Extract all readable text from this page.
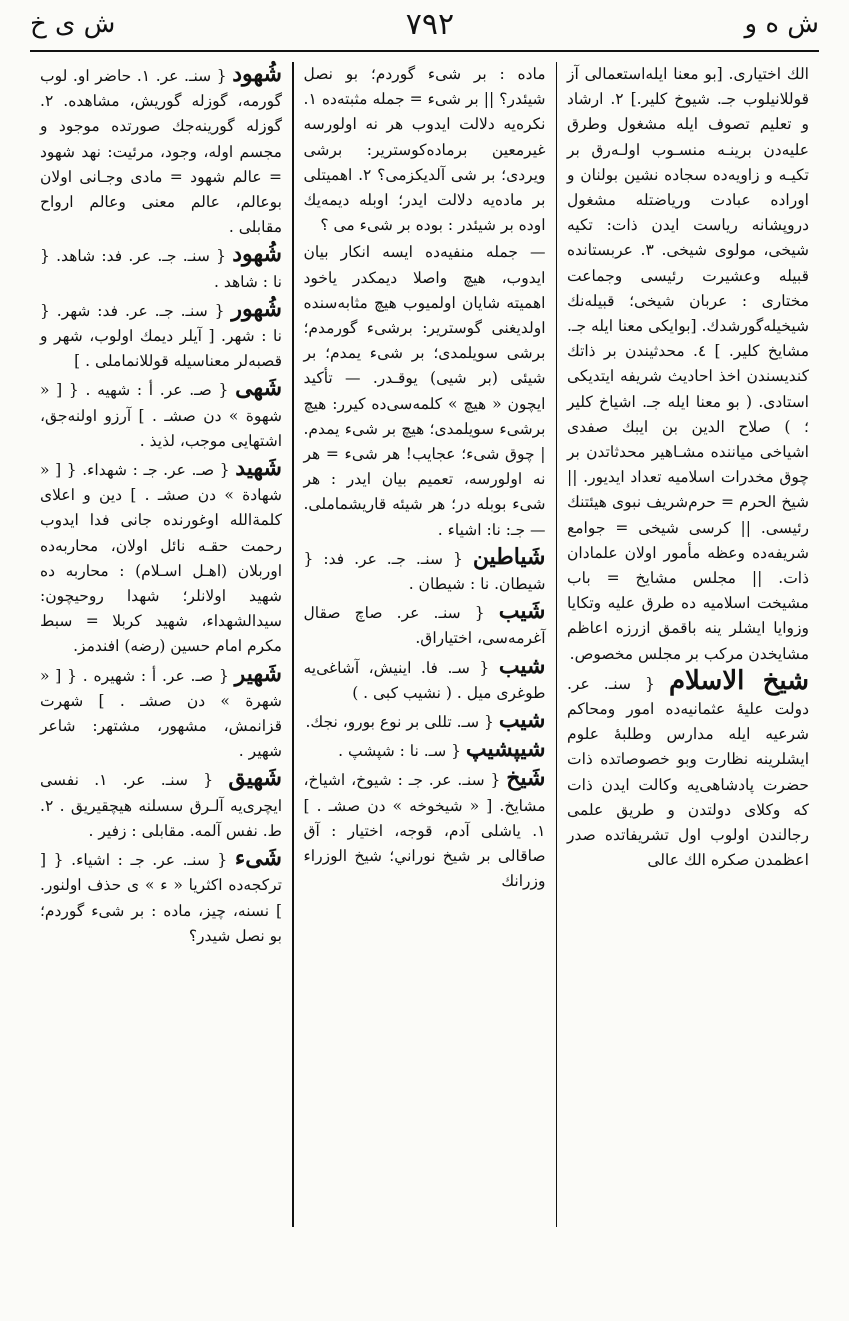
ش ی خ	۷۹۲	ش ه و

شُهود { سنـ. عر. ۱. حاضر او. لوب گورمه، گوزله گوریش، مشاهده. ۲. گوزله گورینه‌جك صورتده موجود و مجسم اوله، وجود، مرئيت: ‎نهد شهود = عالم شهود = مادی وجـانى اولان بوعالم، عالم معنى وعالم ارواح مقابلی .

شُهود { سنـ. جـ. عر. فد: شاهد. {‏ نا : شاهد .

شُهور { سنـ. جـ. عر. فد: شهر. { نا : شهر. [ آیلر دیمك اولوب، شهر و قصبه‌لر معناسیله قوللانماملی . ]

شَهی { صـ. عر. أ : شهيه . { [ « شهوة » دن صشـ . ] آرزو اولنه‌جق، اشتهایی موجب، لذيذ .

شَهيد { صـ. عر. جـ : شهداء. { [ « شهادة » دن صشـ . ] دين و اعلاى كلمة‌الله اوغورنده جانى فدا ایدوب رحمت حقـه نائل اولان، محاربه‌ده اوربلان (اهـل اسـلام) : محاربه ده شهید اولانلر؛ شهدا روحیچون: سيدالشهداء، شهيد كربلا = سبط مكرم امام حسین (رضه) افندمز.

شَهير { صـ. عر. أ : شهيره . { [ « شهرة » دن صشـ . ] شهرت قزانمش، مشهور، مشتهر: شاعر شهير .

شَهيق { سنـ. عر. ۱. نفسی ایچری‌یه آلـرق سسلنه هیچقیریق . ۲. ط. نفس آلمه. مقابلی : زفیر .

شَیء { سنـ. عر. جـ : اشياء. { [ تركجه‌ده اكثريا « ء » ی حذف اولنور. ] نسنه، چيز، ماده : بر شیء گوردم؛ بو نصل شيدر؟

ماده : بر شیء گوردم؛ بو نصل شیئدر؟ || بر شیء = جمله مثبته‌ده ۱. نكره‌یه دلالت ایدوب هر نه اولورسه غیرمعین برماده‌کوستریر: برشی ویردی؛ بر شی آلدیکزمی؟ ۲. اهمیتلی بر ماده‌یه دلالت ایدر؛ اوبله دیمه‌یك اوده بر شیئدر : بوده بر شیء می ؟

— جمله منفیه‌ده ایسه انكار بیان ایدوب، هیچ واصلا دیمكدر یاخود اهمیته شایان اولمیوب هیچ مثابه‌سنده اولدیغنی گوستریر: برشیء گورمدم؛ برشی سویلمدی؛ بر شیء یمدم؛ بر شيئی (بر شیی) یوقـدر. — تأكید ایچون « هیچ » كلمه‌سی‌ده كیرر: هیچ برشیء سویلمدی؛ هیچ بر شیء یمدم. | چوق شیء؛ عجایب! هر شیء = هر نه اولورسه، تعمیم بيان ایدر : هر شیء بوبله در؛ هر شیئه قاریشماملی. — جـ: نا: اشياء .

شَياطين { سنـ. جـ. عر. فد: { شيطان. نا : شيطان .

شَيب { سنـ. عر. صاچ صقال آغرمه‌سی، اختياراق.

شيب { سـ. فا. اینیش، آشاغی‌یه طوغری میل . ( نشیب كبی . )

شيب { سـ. تللی بر نوع بورو، نجك.

شيپشيپ { سـ. نا : شپشپ .

شَيخ { سنـ. عر. جـ : شيوخ، اشیاخ، مشایخ. [ « شیخوخه » دن صشـ . ] ۱. یاشلی آدم، قوجه، اختيار : آق صاقالی بر شيخ نوراني؛ شيخ الوزراء وزرانك

الك اختیاری. [بو معنا ایله‌استعمالی آز قوللانیلوب جـ. شیوخ كلير.] ۲. ارشاد و تعليم تصوف ايله مشغول وطرق علیه‌دن برینـه منسـوب اولـه‌رق بر تكیـه و زاویه‌ده سجاده نشین بولنان و اوراده عبادت وریاضتله مشغول دروپشانه ریاست ایدن ذات: تكیه شیخی، مولوی شیخی. ۳. عربستانده قبیله وعشیرت رئیسی وجماعت مختاری : عربان شيخی؛ قبيله‌نك شیخیله‌گورشدك. [بوایكی معنا ايله جـ. مشايخ كلير. ] ٤. محدثیندن بر ذاتك كنديسندن اخذ احاديث شريفه ایتدیکی استادی. ( بو معنا ايله جـ. اشياخ كلير ؛ ) صلاح الدین بن ايبك صفدی اشیاخی میاننده مشـاهیر محدثاتدن بر چوق مخدرات اسلامیه تعداد ایدیور. || شيخ الحرم = حرم‌شریف نبوی هیئتنك رئیسی. || كرسی شیخی = جوامع شريفه‌ده وعظه مأمور اولان علمادان ذات. || مجلس مشايخ = باب مشیخت اسلامیه ده طرق علیه وتكايا وزوايا ايشلر ینه باقمق ازرزه اعاظم مشايخدن مركب بر مجلس مخصوص.

شيخ الاسلام { سنـ. عر. دولت علیهٔ عثمانیه‌ده امور ومحاكم شرعيه ايله مدارس وطلبهٔ علوم ایشلرینه نظارت وبو خصوصاتده ذات حضرت پادشاهی‌یه وكالت ایدن ذات كه وكلای دولتدن و طريق علمی رجالندن اولوب اول تشریفاتده صدر اعظمدن صكره الك عالی
